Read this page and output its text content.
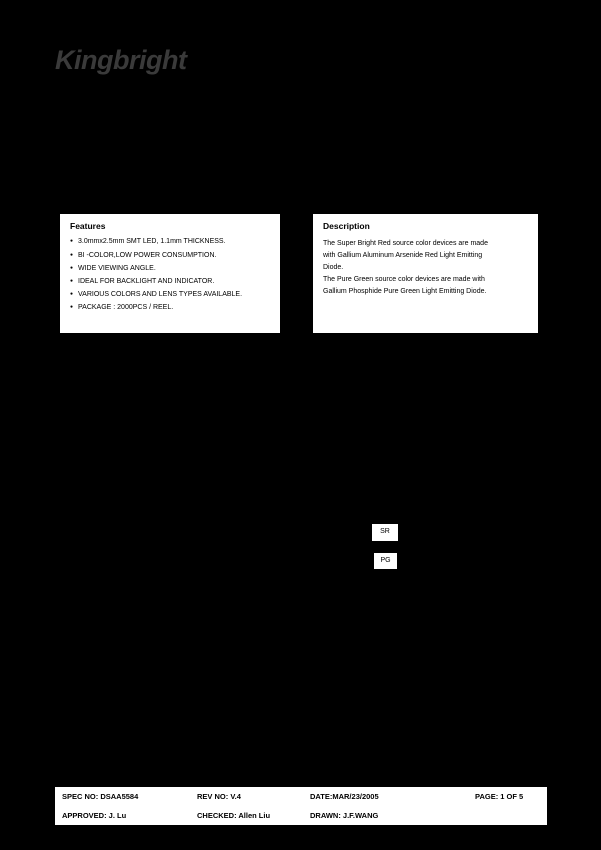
Kingbright
Features
● 3.0mmx2.5mm SMT LED, 1.1mm THICKNESS.
● BI -COLOR,LOW POWER CONSUMPTION.
● WIDE VIEWING ANGLE.
● IDEAL FOR BACKLIGHT AND INDICATOR.
● VARIOUS COLORS AND LENS TYPES AVAILABLE.
● PACKAGE : 2000PCS / REEL.
Description

The Super Bright Red source color devices are made

with Gallium Aluminum Arsenide Red Light Emitting

Diode.

The Pure Green source color devices are made with

Gallium Phosphide Pure Green Light Emitting Diode.

SR
PG
SPEC NO: DSAA5584	REV NO: V.4	DATE:MAR/23/2005	PAGE: 1 OF 5
APPROVED: J. Lu	CHECKED: Allen Liu	DRAWN: J.F.WANG
